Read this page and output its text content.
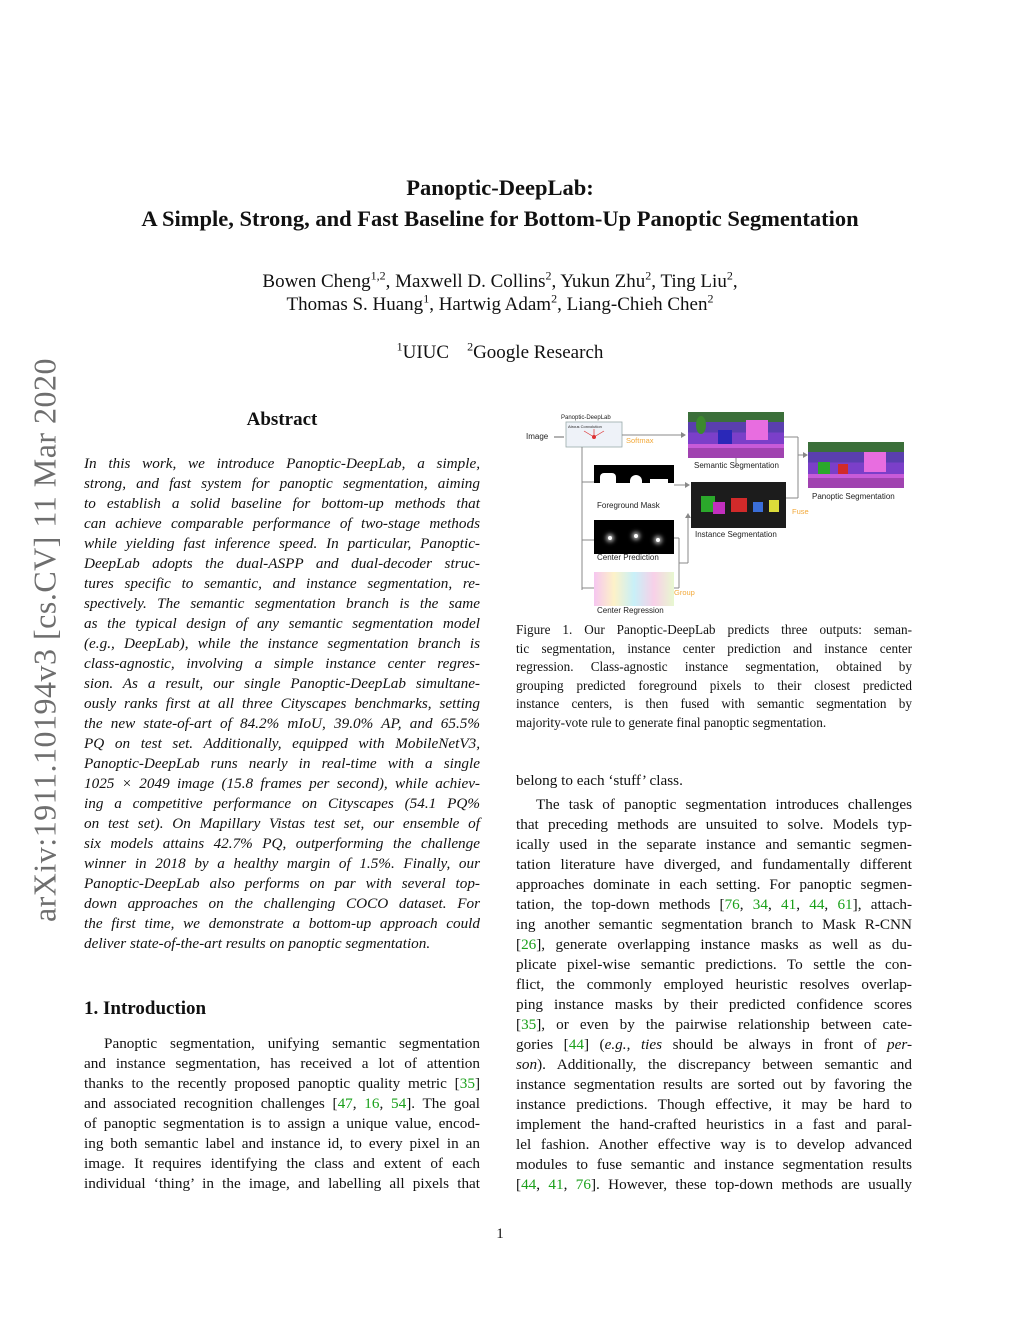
arXiv:1911.10194v3 [cs.CV] 11 Mar 2020
Panoptic-DeepLab:
A Simple, Strong, and Fast Baseline for Bottom-Up Panoptic Segmentation
Bowen Cheng$^{1,2}$, Maxwell D. Collins$^2$, Yukun Zhu$^2$, Ting Liu$^2$,
Thomas S. Huang$^1$, Hartwig Adam$^2$, Liang-Chieh Chen$^2$
$^1$UIUC $^2$Google Research
Abstract
In this work, we introduce Panoptic-DeepLab, a simple,
strong, and fast system for panoptic segmentation, aiming
to establish a solid baseline for bottom-up methods that
can achieve comparable performance of two-stage methods
while yielding fast inference speed. In particular, Panoptic-
DeepLab adopts the dual-ASPP and dual-decoder struc-
tures specific to semantic, and instance segmentation, re-
spectively. The semantic segmentation branch is the same
as the typical design of any semantic segmentation model
(e.g., DeepLab), while the instance segmentation branch is
class-agnostic, involving a simple instance center regres-
sion. As a result, our single Panoptic-DeepLab simultane-
ously ranks first at all three Cityscapes benchmarks, setting
the new state-of-art of 84.2% mIoU, 39.0% AP, and 65.5%
PQ on test set. Additionally, equipped with MobileNetV3,
Panoptic-DeepLab runs nearly in real-time with a single
1025 × 2049 image (15.8 frames per second), while achiev-
ing a competitive performance on Cityscapes (54.1 PQ%
on test set). On Mapillary Vistas test set, our ensemble of
six models attains 42.7% PQ, outperforming the challenge
winner in 2018 by a healthy margin of 1.5%. Finally, our
Panoptic-DeepLab also performs on par with several top-
down approaches on the challenging COCO dataset. For
the first time, we demonstrate a bottom-up approach could
deliver state-of-the-art results on panoptic segmentation.
1. Introduction
Panoptic segmentation, unifying semantic segmentation
and instance segmentation, has received a lot of attention
thanks to the recently proposed panoptic quality metric [35]
and associated recognition challenges [47, 16, 54]. The goal
of panoptic segmentation is to assign a unique value, encod-
ing both semantic label and instance id, to every pixel in an
image. It requires identifying the class and extent of each
individual ‘thing’ in the image, and labelling all pixels that
Image
Panoptic-DeepLab
Atrous Convolution
Softmax
Semantic Segmentation
Foreground Mask
Instance Segmentation
Fuse
Panoptic Segmentation
Center Prediction
Group
Center Regression
Figure 1. Our Panoptic-DeepLab predicts three outputs: seman-
tic segmentation, instance center prediction and instance center
regression. Class-agnostic instance segmentation, obtained by
grouping predicted foreground pixels to their closest predicted
instance centers, is then fused with semantic segmentation by
majority-vote rule to generate final panoptic segmentation.
belong to each ‘stuff’ class.
The task of panoptic segmentation introduces challenges
that preceding methods are unsuited to solve. Models typ-
ically used in the separate instance and semantic segmen-
tation literature have diverged, and fundamentally different
approaches dominate in each setting. For panoptic segmen-
tation, the top-down methods [76, 34, 41, 44, 61], attach-
ing another semantic segmentation branch to Mask R-CNN
[26], generate overlapping instance masks as well as du-
plicate pixel-wise semantic predictions. To settle the con-
flict, the commonly employed heuristic resolves overlap-
ping instance masks by their predicted confidence scores
[35], or even by the pairwise relationship between cate-
gories [44] (e.g., ties should be always in front of per-
son). Additionally, the discrepancy between semantic and
instance segmentation results are sorted out by favoring the
instance predictions. Though effective, it may be hard to
implement the hand-crafted heuristics in a fast and paral-
lel fashion. Another effective way is to develop advanced
modules to fuse semantic and instance segmentation results
[44, 41, 76]. However, these top-down methods are usually
1
